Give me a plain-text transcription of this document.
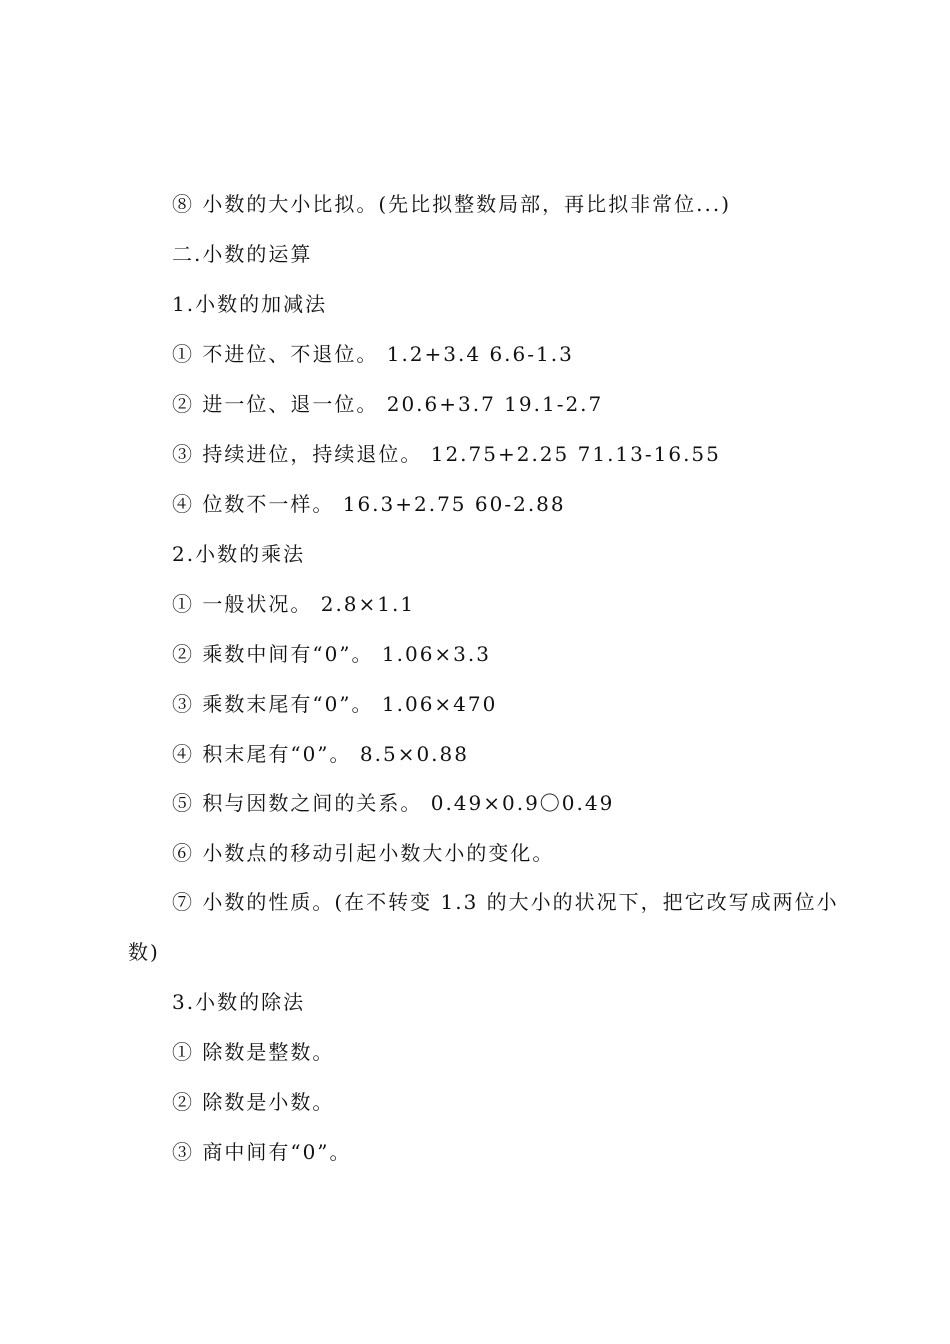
⑧ 小数的大小比拟。(先比拟整数局部，再比拟非常位...)

二.小数的运算

1.小数的加减法

① 不进位、不退位。 1.2+3.4 6.6-1.3

② 进一位、退一位。 20.6+3.7 19.1-2.7

③ 持续进位，持续退位。 12.75+2.25 71.13-16.55

④ 位数不一样。 16.3+2.75 60-2.88

2.小数的乘法

① 一般状况。 2.8×1.1

② 乘数中间有“0”。 1.06×3.3

③ 乘数末尾有“0”。 1.06×470

④ 积末尾有“0”。 8.5×0.88

⑤ 积与因数之间的关系。 0.49×0.9〇0.49

⑥ 小数点的移动引起小数大小的变化。

⑦ 小数的性质。(在不转变 1.3 的大小的状况下，把它改写成两位小数)

3.小数的除法

① 除数是整数。

② 除数是小数。

③ 商中间有“0”。
